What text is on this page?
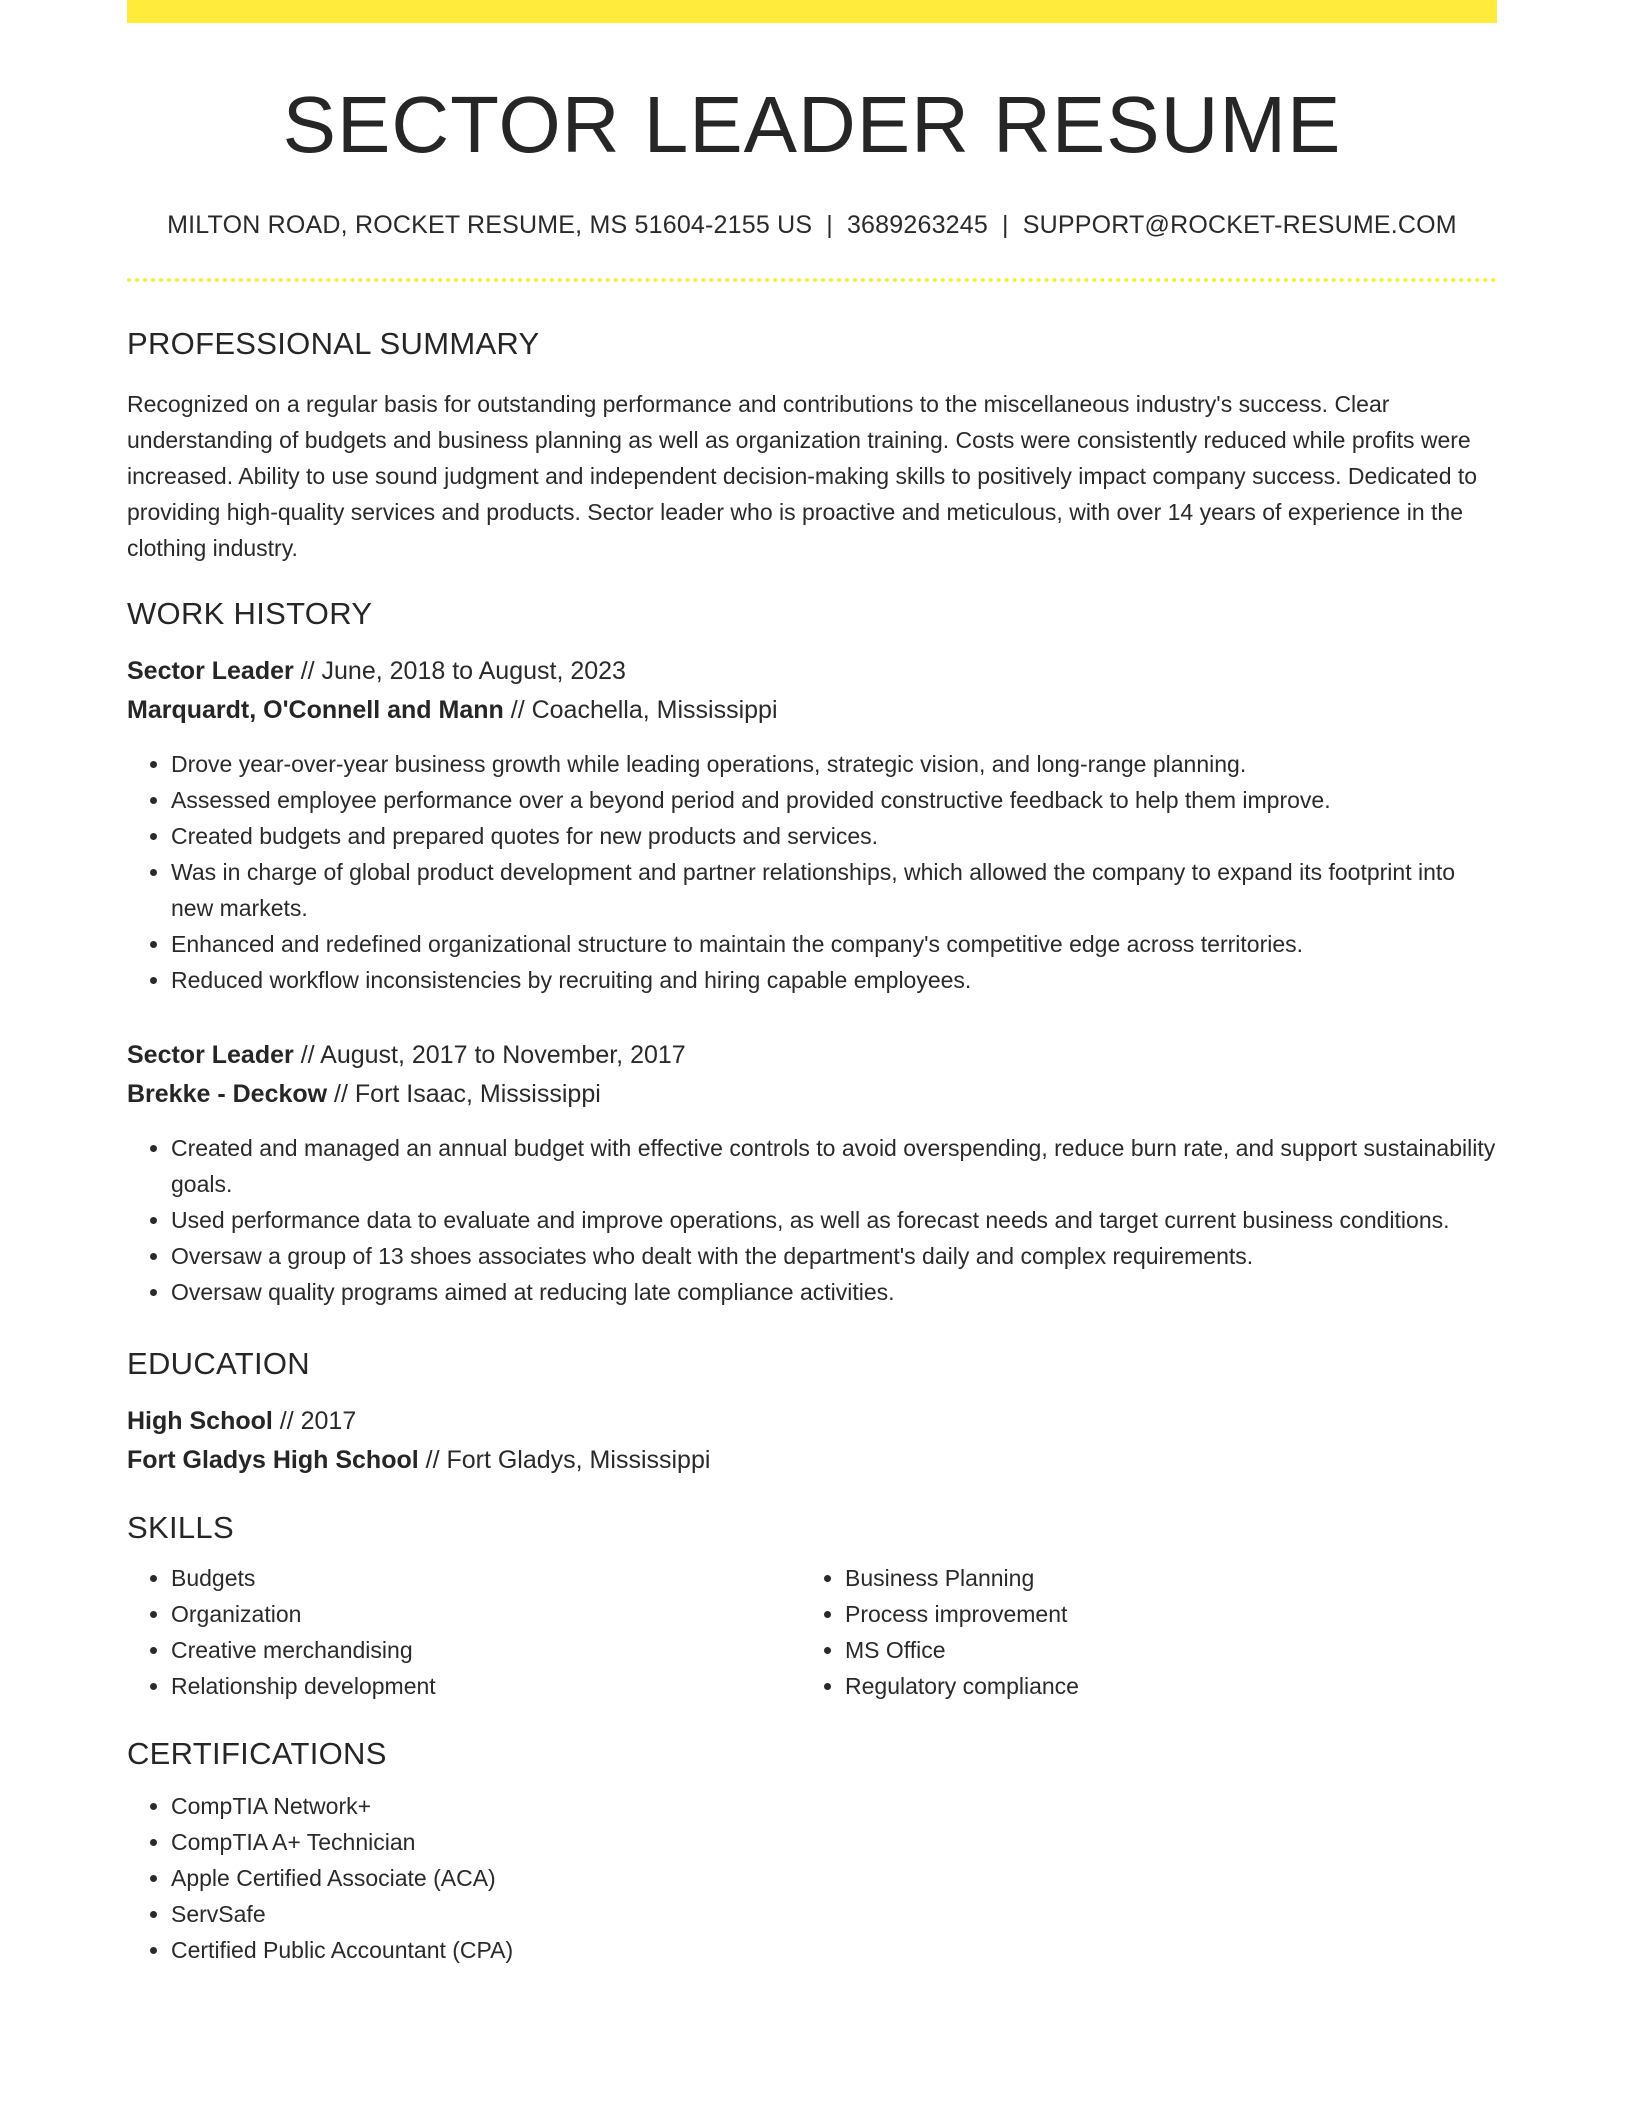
SECTOR LEADER RESUME
MILTON ROAD, ROCKET RESUME, MS 51604-2155 US | 3689263245 | SUPPORT@ROCKET-RESUME.COM
PROFESSIONAL SUMMARY
Recognized on a regular basis for outstanding performance and contributions to the miscellaneous industry's success. Clear understanding of budgets and business planning as well as organization training. Costs were consistently reduced while profits were increased. Ability to use sound judgment and independent decision-making skills to positively impact company success. Dedicated to providing high-quality services and products. Sector leader who is proactive and meticulous, with over 14 years of experience in the clothing industry.
WORK HISTORY
Sector Leader // June, 2018 to August, 2023
Marquardt, O'Connell and Mann // Coachella, Mississippi
• Drove year-over-year business growth while leading operations, strategic vision, and long-range planning.
• Assessed employee performance over a beyond period and provided constructive feedback to help them improve.
• Created budgets and prepared quotes for new products and services.
• Was in charge of global product development and partner relationships, which allowed the company to expand its footprint into new markets.
• Enhanced and redefined organizational structure to maintain the company's competitive edge across territories.
• Reduced workflow inconsistencies by recruiting and hiring capable employees.
Sector Leader // August, 2017 to November, 2017
Brekke - Deckow // Fort Isaac, Mississippi
• Created and managed an annual budget with effective controls to avoid overspending, reduce burn rate, and support sustainability goals.
• Used performance data to evaluate and improve operations, as well as forecast needs and target current business conditions.
• Oversaw a group of 13 shoes associates who dealt with the department's daily and complex requirements.
• Oversaw quality programs aimed at reducing late compliance activities.
EDUCATION
High School // 2017
Fort Gladys High School // Fort Gladys, Mississippi
SKILLS
• Budgets
• Organization
• Creative merchandising
• Relationship development
• Business Planning
• Process improvement
• MS Office
• Regulatory compliance
CERTIFICATIONS
• CompTIA Network+
• CompTIA A+ Technician
• Apple Certified Associate (ACA)
• ServSafe
• Certified Public Accountant (CPA)
